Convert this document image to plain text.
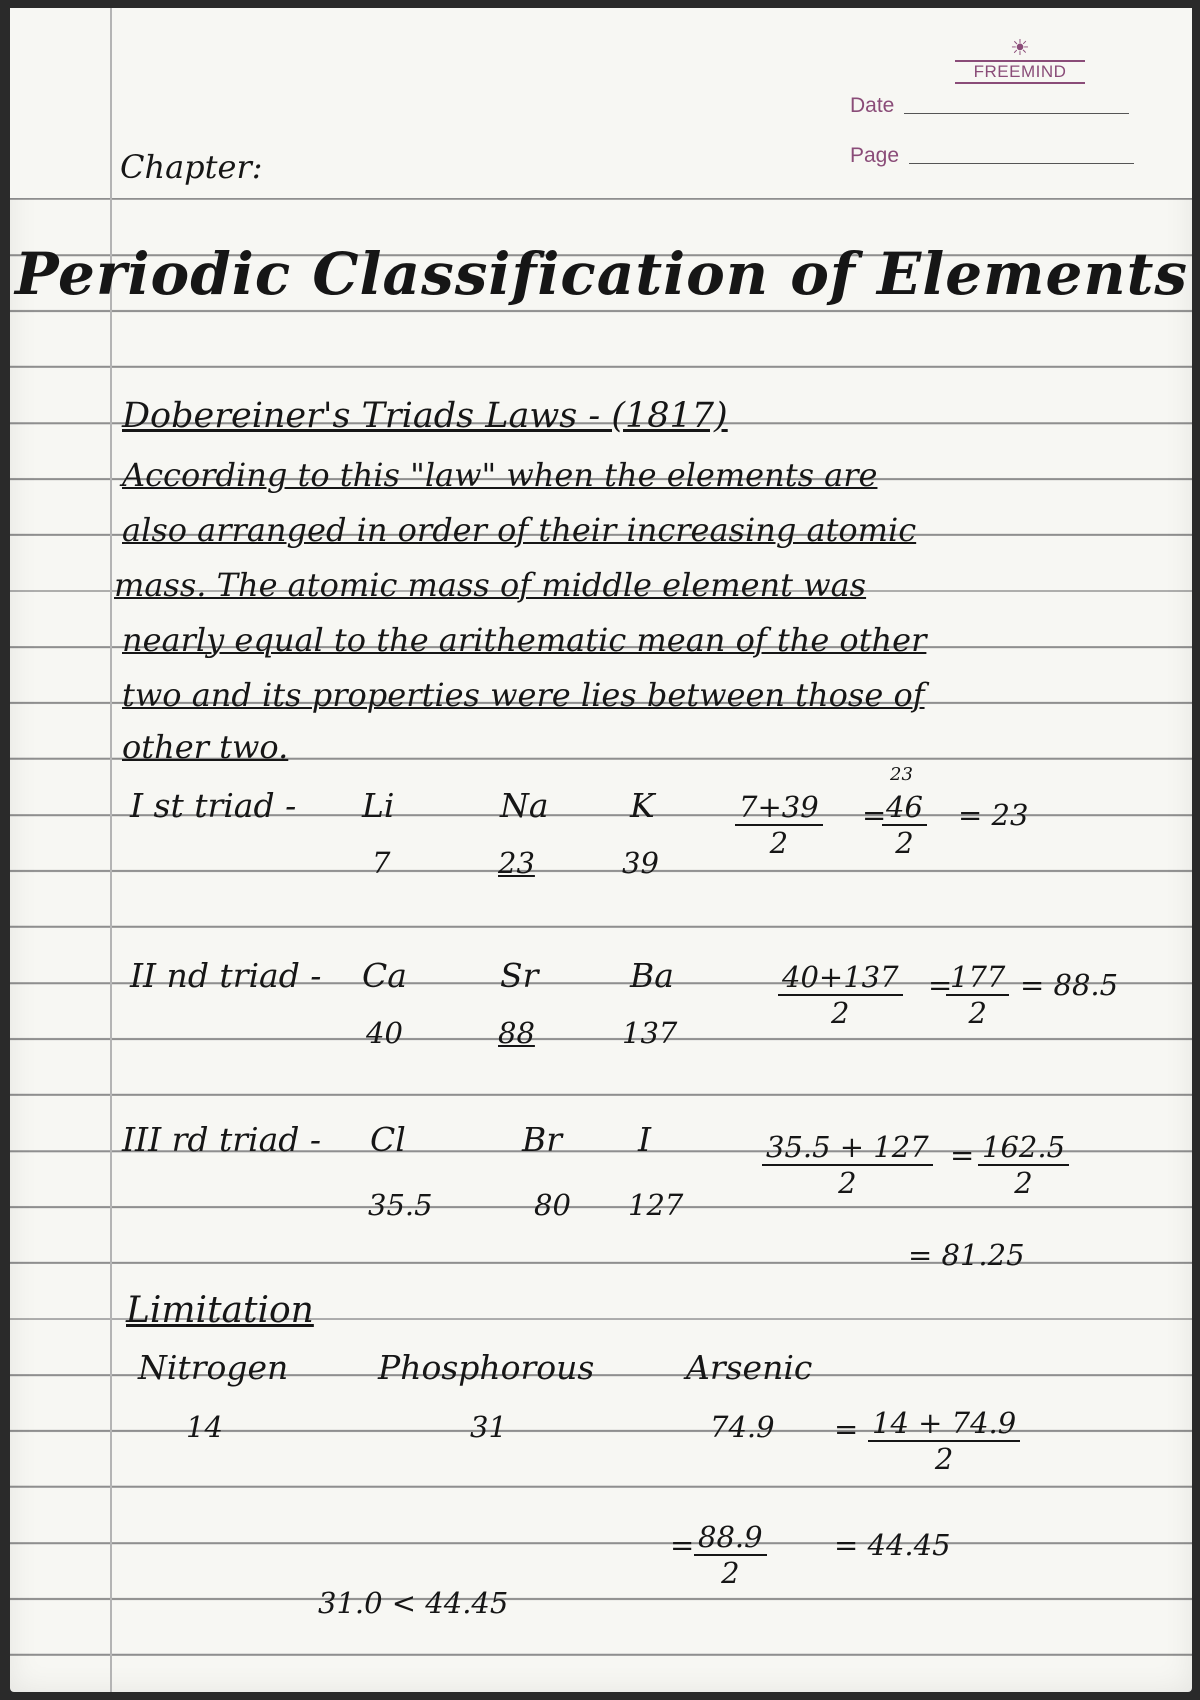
☀
FREEMIND
Date
Page
Chapter:
Periodic Classification of Elements
Dobereiner's Triads Laws - (1817)
According to this "law" when the elements are
also arranged in order of their increasing atomic
mass. The atomic mass of middle element was
nearly equal to the arithematic mean of the other
two and its properties were lies between those of
other two.
I st triad - Li	Na K
7	23	39
$\frac{7+39}{2}$ =
23
$\frac{46}{2} = 23$
II nd triad - Ca	Sr	Ba
40	88	137
$\frac{40+137}{2}$ =
$\frac{177}{2} = 88.5$
III rd triad - Cl	Br I
35.5	80 127
$\frac{35.5 + 127}{2} = \frac{162.5}{2}$
= 81.25
Limitation
Nitrogen	Phosphorous	Arsenic
14	31	$74.9 = \frac{14 + 74.9}{2}$
= $\frac{88.9}{2} = 44.45$
31.0 < 44.45
